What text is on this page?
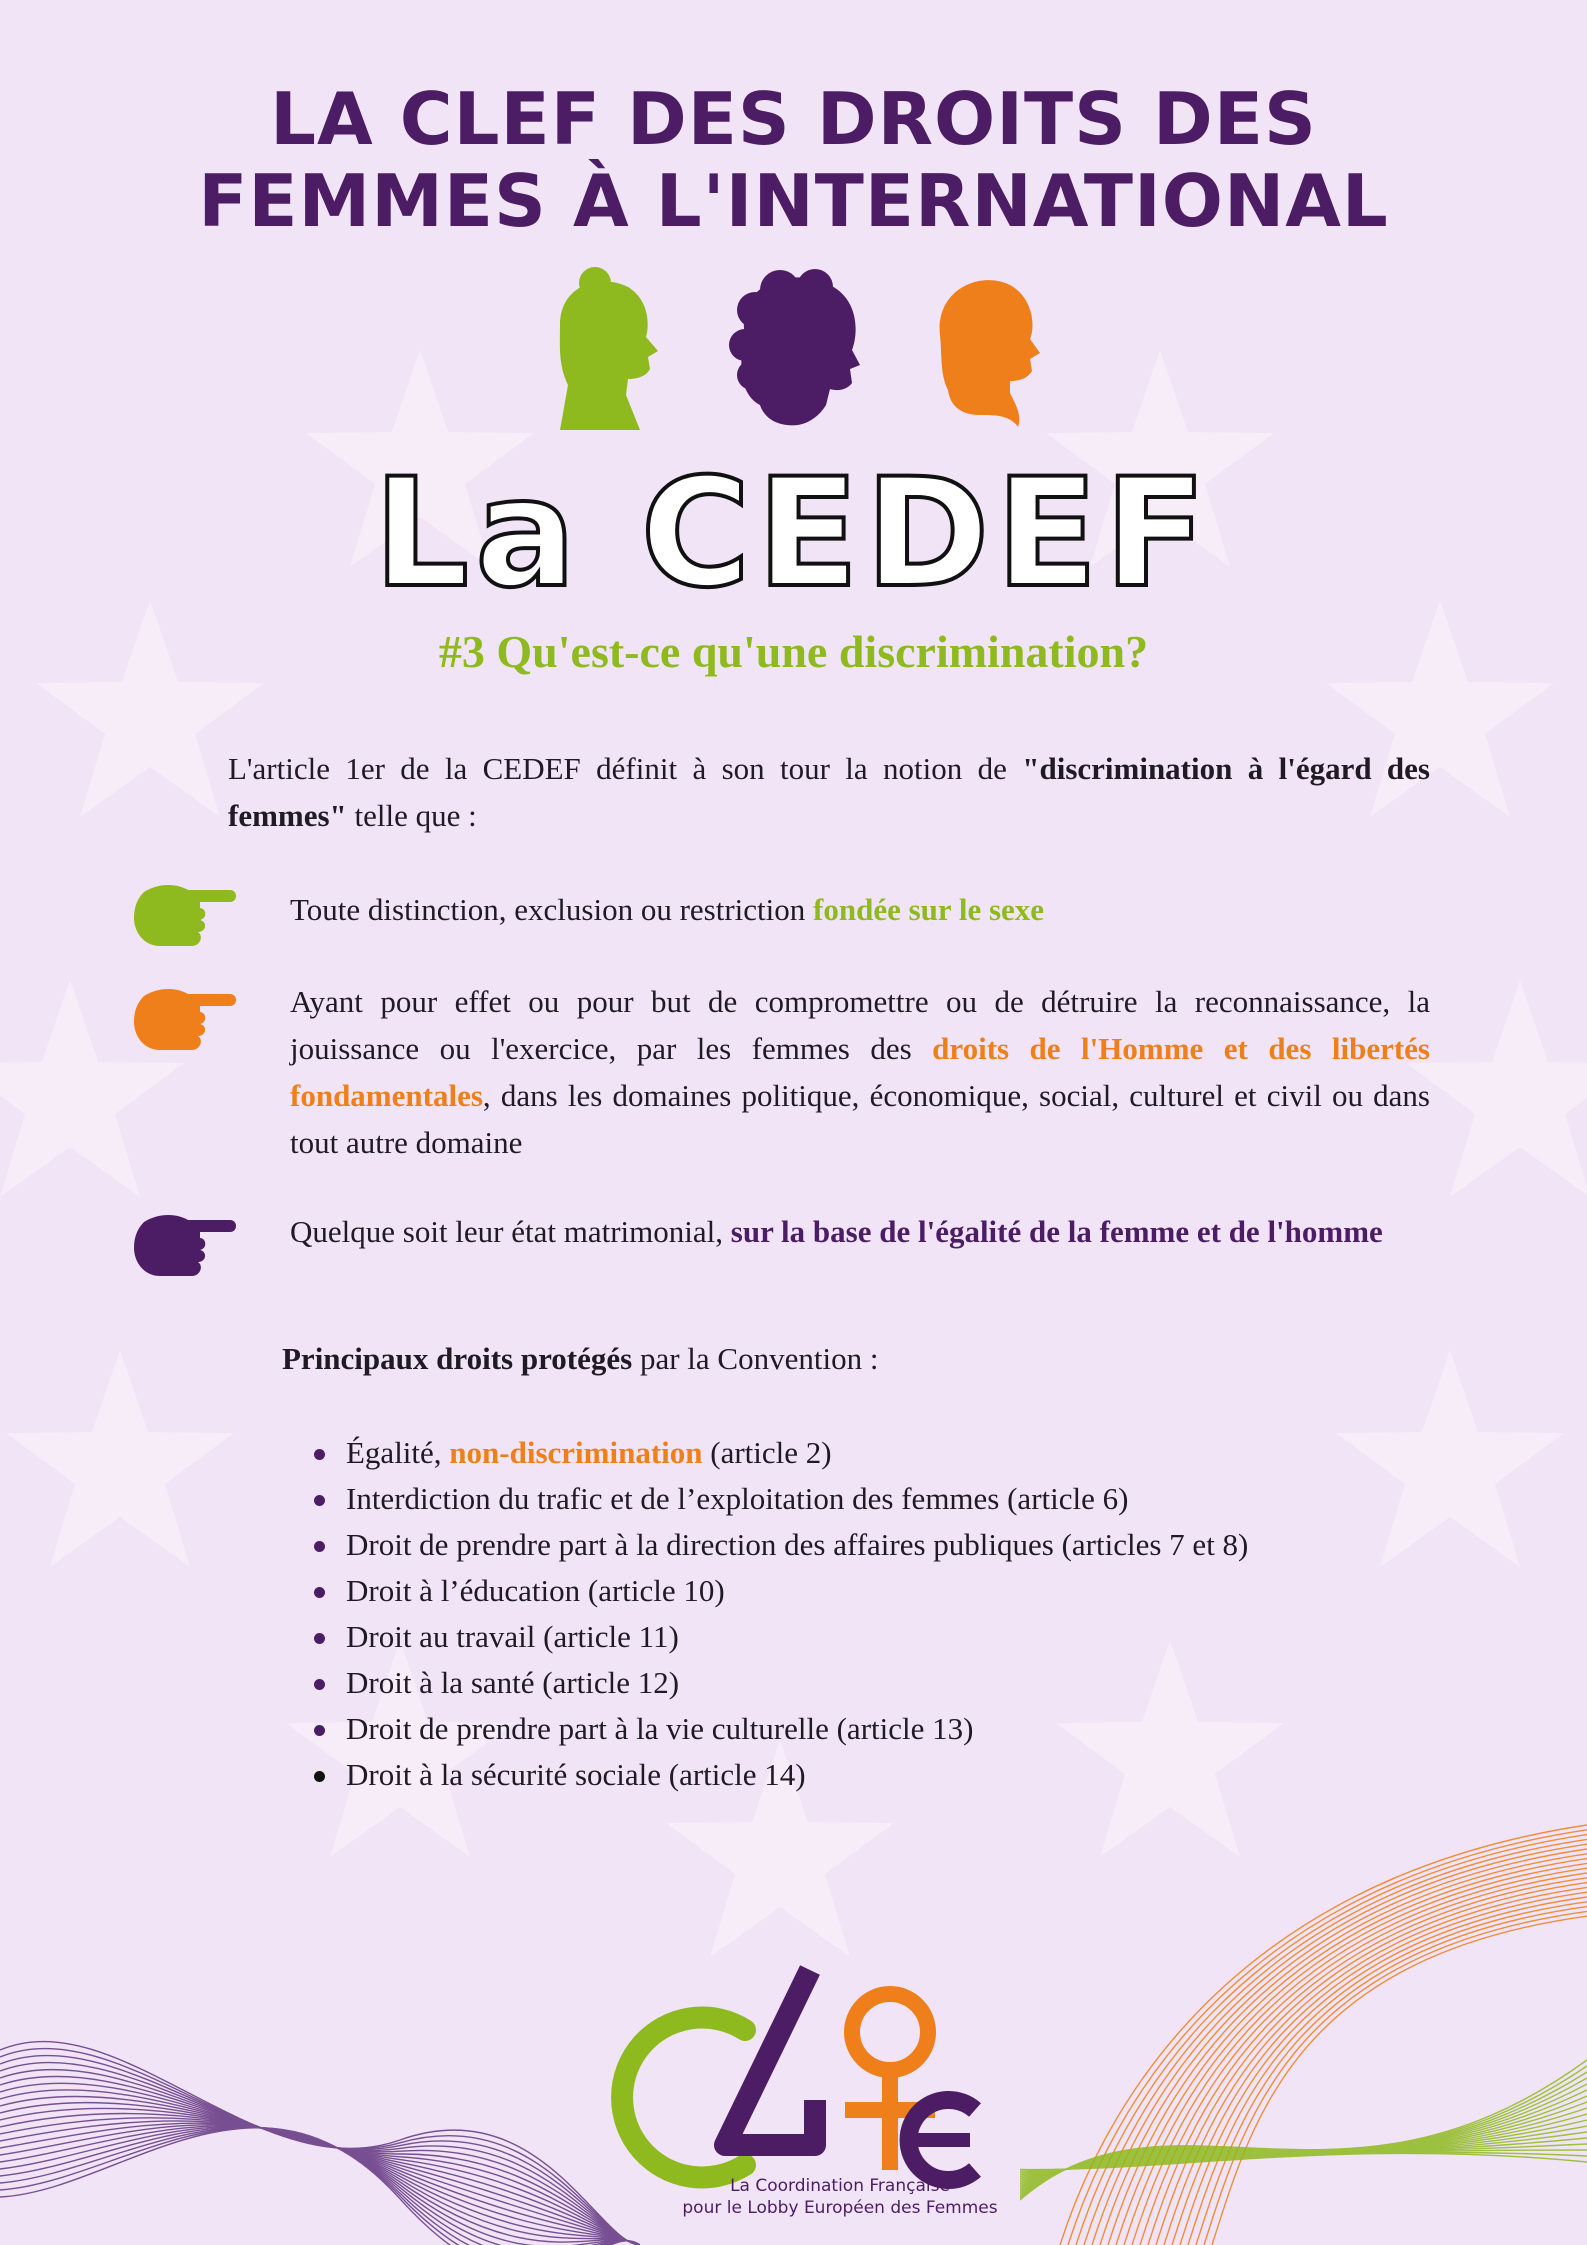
LA CLEF DES DROITS DES
FEMMES À L'INTERNATIONAL
La CEDEF
#3 Qu'est-ce qu'une discrimination?
L'article 1er de la CEDEF définit à son tour la notion de "discrimination à l'égard des femmes" telle que :
Toute distinction, exclusion ou restriction fondée sur le sexe
Ayant pour effet ou pour but de compromettre ou de détruire la reconnaissance, la jouissance ou l'exercice, par les femmes des droits de l'Homme et des libertés fondamentales, dans les domaines politique, économique, social, culturel et civil ou dans tout autre domaine
Quelque soit leur état matrimonial, sur la base de l'égalité de la femme et de l'homme
Principaux droits protégés par la Convention :
Égalité, non-discrimination (article 2)
Interdiction du trafic et de l’exploitation des femmes (article 6)
Droit de prendre part à la direction des affaires publiques (articles 7 et 8)
Droit à l’éducation (article 10)
Droit au travail (article 11)
Droit à la santé (article 12)
Droit de prendre part à la vie culturelle (article 13)
Droit à la sécurité sociale (article 14)
La Coordination Française
pour le Lobby Européen des Femmes
